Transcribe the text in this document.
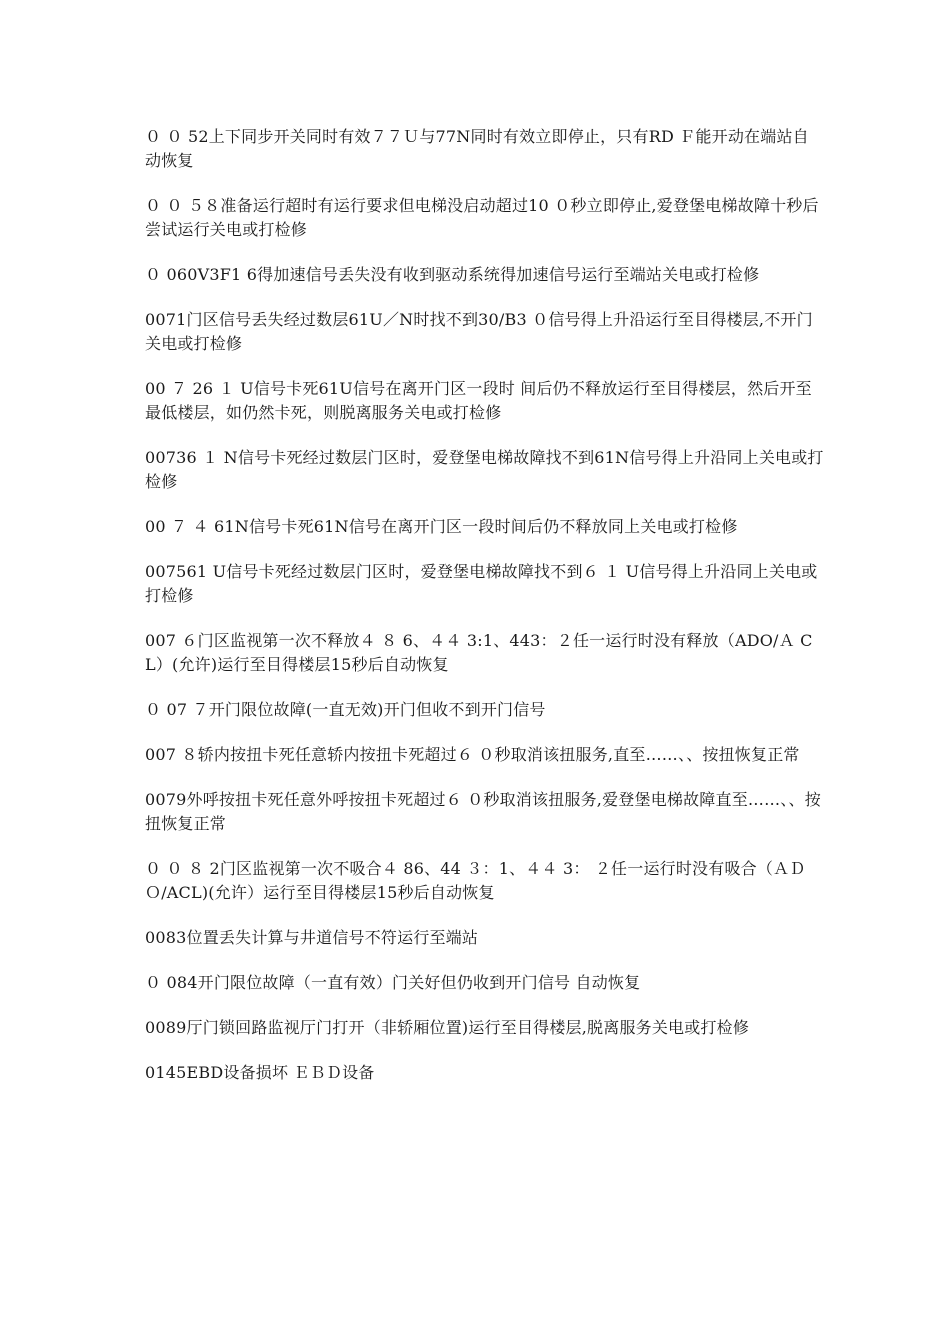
０ ０ 52上下同步开关同时有效７７Ｕ与77N同时有效立即停止，只有RD Ｆ能开动在端站自动恢复

０ ０ ５８准备运行超时有运行要求但电梯没启动超过10 ０秒立即停止,爱登堡电梯故障十秒后尝试运行关电或打检修

０ 060V3F1 6得加速信号丢失没有收到驱动系统得加速信号运行至端站关电或打检修

0071门区信号丢失经过数层61U／N时找不到30/B3 ０信号得上升沿运行至目得楼层,不开门关电或打检修

00 ７ 26 １ U信号卡死61U信号在离开门区一段时 间后仍不释放运行至目得楼层，然后开至最低楼层，如仍然卡死，则脱离服务关电或打检修

00736 １ N信号卡死经过数层门区时，爱登堡电梯故障找不到61N信号得上升沿同上关电或打检修

00 ７ ４ 61N信号卡死61N信号在离开门区一段时间后仍不释放同上关电或打检修

007561 U信号卡死经过数层门区时，爱登堡电梯故障找不到６ １ U信号得上升沿同上关电或打检修

007 ６门区监视第一次不释放４ ８ 6、４４ 3:1、443：２任一运行时没有释放（ADO/Ａ CL）(允许)运行至目得楼层15秒后自动恢复

０ 07 ７开门限位故障(一直无效)开门但收不到开门信号

007 ８轿内按扭卡死任意轿内按扭卡死超过６ ０秒取消该扭服务,直至……、、按扭恢复正常

0079外呼按扭卡死任意外呼按扭卡死超过６ ０秒取消该扭服务,爱登堡电梯故障直至……、、按扭恢复正常

０ ０ ８ 2门区监视第一次不吸合４ 86、44 ３：1、４４ 3： ２任一运行时没有吸合（ＡＤＯ/ACL)(允许）运行至目得楼层15秒后自动恢复

0083位置丢失计算与井道信号不符运行至端站

０ 084开门限位故障（一直有效）门关好但仍收到开门信号 自动恢复

0089厅门锁回路监视厅门打开（非轿厢位置)运行至目得楼层,脱离服务关电或打检修

0145EBD设备损坏 ＥＢＤ设备
